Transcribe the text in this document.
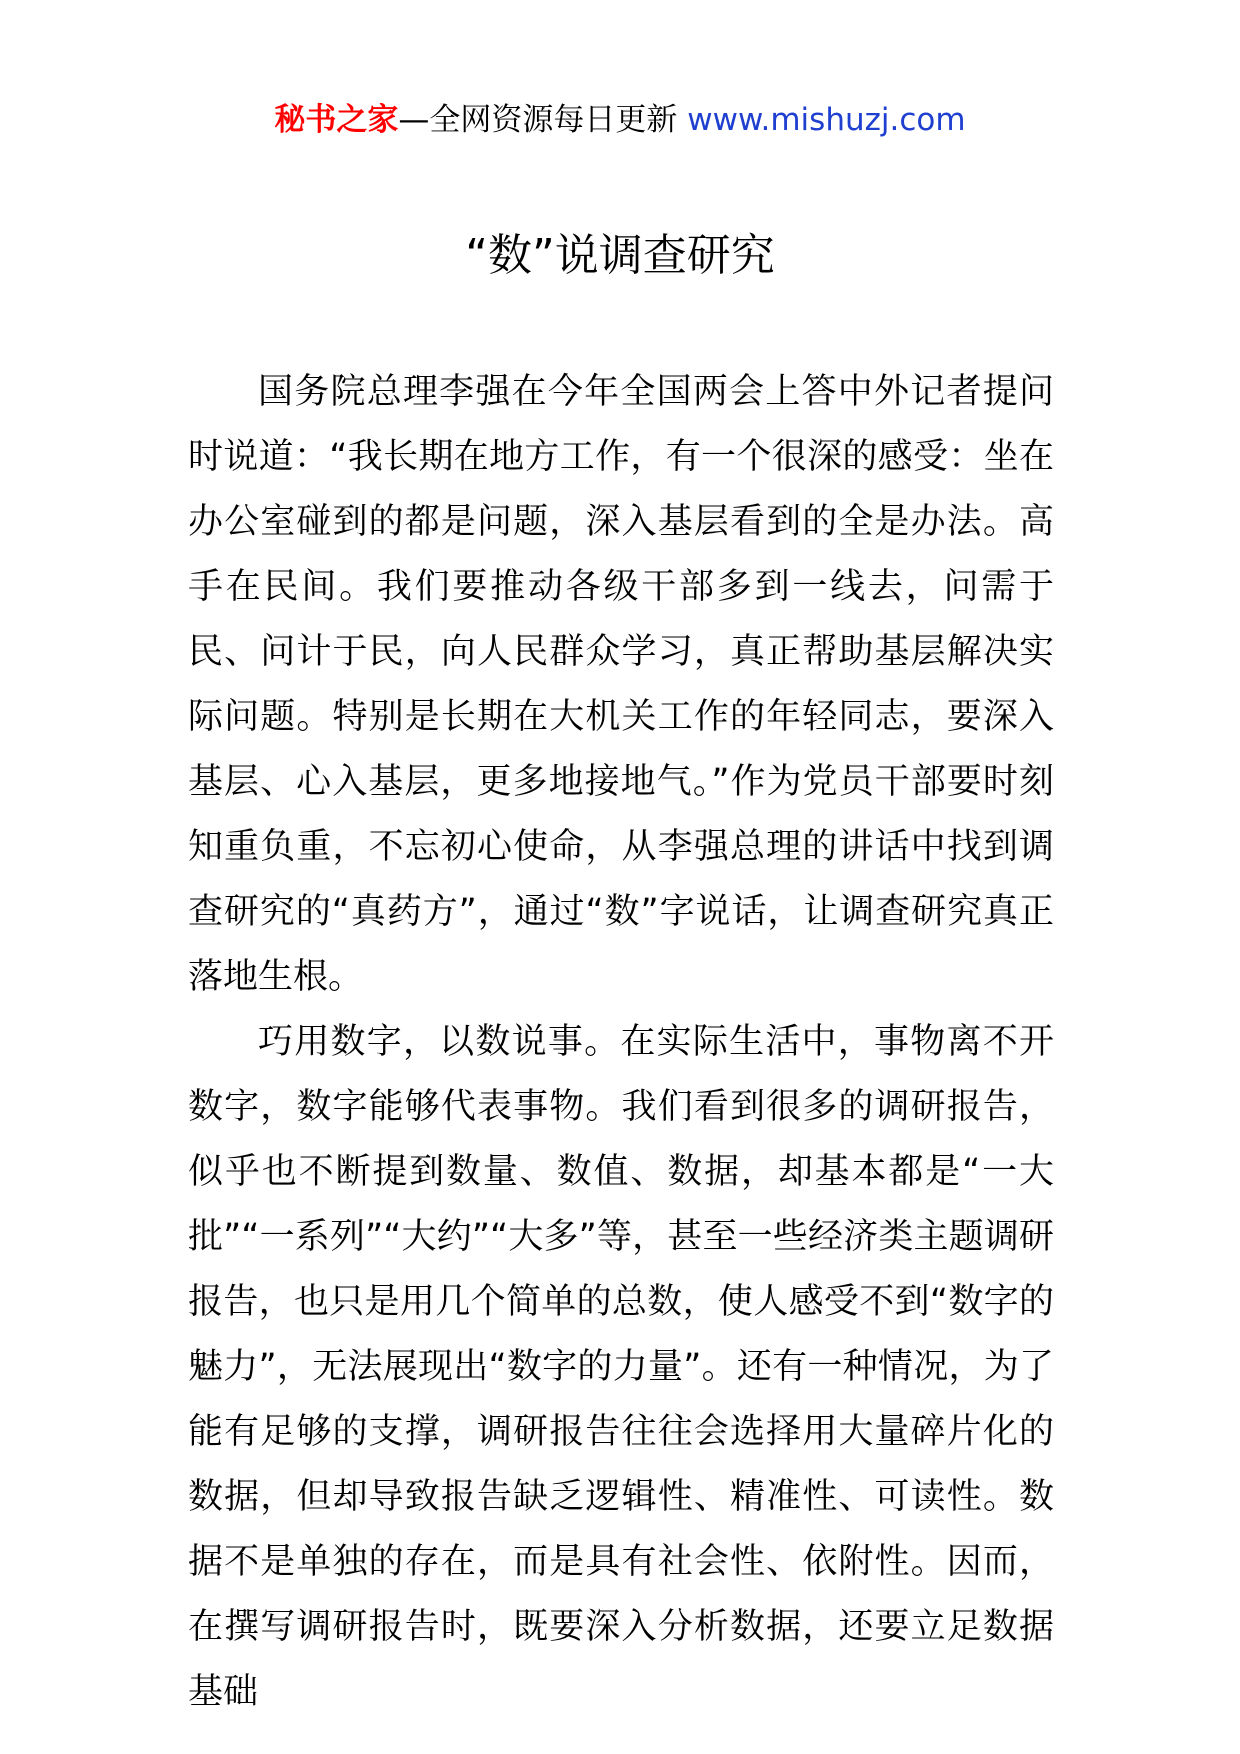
秘书之家—全网资源每日更新 www.mishuzj.com
“数”说调查研究

国务院总理李强在今年全国两会上答中外记者提问时说道：“我长期在地方工作，有一个很深的感受：坐在办公室碰到的都是问题，深入基层看到的全是办法。高手在民间。我们要推动各级干部多到一线去，问需于民、问计于民，向人民群众学习，真正帮助基层解决实际问题。特别是长期在大机关工作的年轻同志，要深入基层、心入基层，更多地接地气。”作为党员干部要时刻知重负重，不忘初心使命，从李强总理的讲话中找到调查研究的“真药方”，通过“数”字说话，让调查研究真正落地生根。

巧用数字，以数说事。在实际生活中，事物离不开数字，数字能够代表事物。我们看到很多的调研报告，似乎也不断提到数量、数值、数据，却基本都是“一大批”“一系列”“大约”“大多”等，甚至一些经济类主题调研报告，也只是用几个简单的总数，使人感受不到“数字的魅力”，无法展现出“数字的力量”。还有一种情况，为了能有足够的支撑，调研报告往往会选择用大量碎片化的数据，但却导致报告缺乏逻辑性、精准性、可读性。数据不是单独的存在，而是具有社会性、依附性。因而，在撰写调研报告时，既要深入分析数据，还要立足数据基础
